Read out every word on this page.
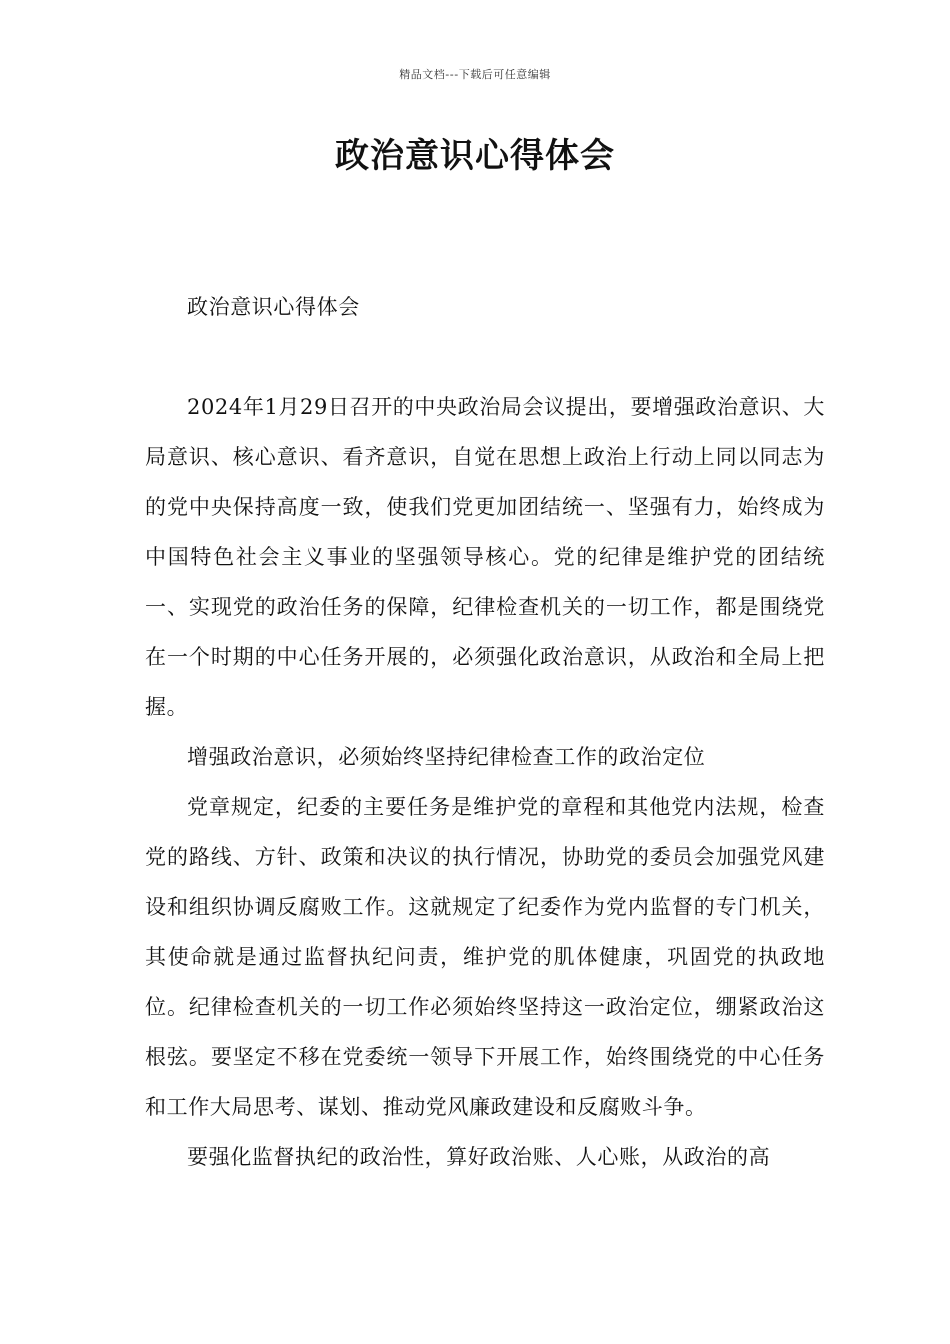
精品文档---下载后可任意编辑
政治意识心得体会

政治意识心得体会

2024年1月29日召开的中央政治局会议提出，要增强政治意识、大局意识、核心意识、看齐意识，自觉在思想上政治上行动上同以同志为的党中央保持高度一致，使我们党更加团结统一、坚强有力，始终成为中国特色社会主义事业的坚强领导核心。党的纪律是维护党的团结统一、实现党的政治任务的保障，纪律检查机关的一切工作，都是围绕党在一个时期的中心任务开展的，必须强化政治意识，从政治和全局上把握。

增强政治意识，必须始终坚持纪律检查工作的政治定位

党章规定，纪委的主要任务是维护党的章程和其他党内法规，检查党的路线、方针、政策和决议的执行情况，协助党的委员会加强党风建设和组织协调反腐败工作。这就规定了纪委作为党内监督的专门机关，其使命就是通过监督执纪问责，维护党的肌体健康，巩固党的执政地位。纪律检查机关的一切工作必须始终坚持这一政治定位，绷紧政治这根弦。要坚定不移在党委统一领导下开展工作，始终围绕党的中心任务和工作大局思考、谋划、推动党风廉政建设和反腐败斗争。

要强化监督执纪的政治性，算好政治账、人心账，从政治的高
